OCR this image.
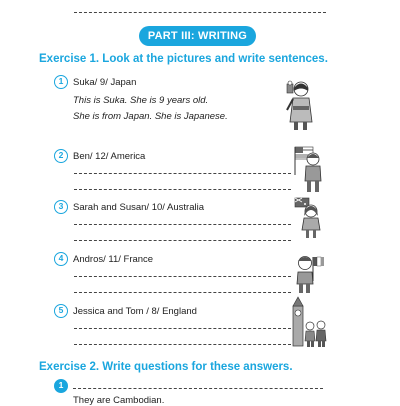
PART III: WRITING
Exercise 1. Look at the pictures and write sentences.
1	Suka/ 9/ Japan
This is Suka. She is 9 years old.
She is from Japan. She is Japanese.
2	Ben/ 12/ America
3	Sarah and Susan/ 10/ Australia
4	Andros/ 11/ France
5	Jessica and Tom / 8/ England
Exercise 2. Write questions for these answers.
1
They are Cambodian.
